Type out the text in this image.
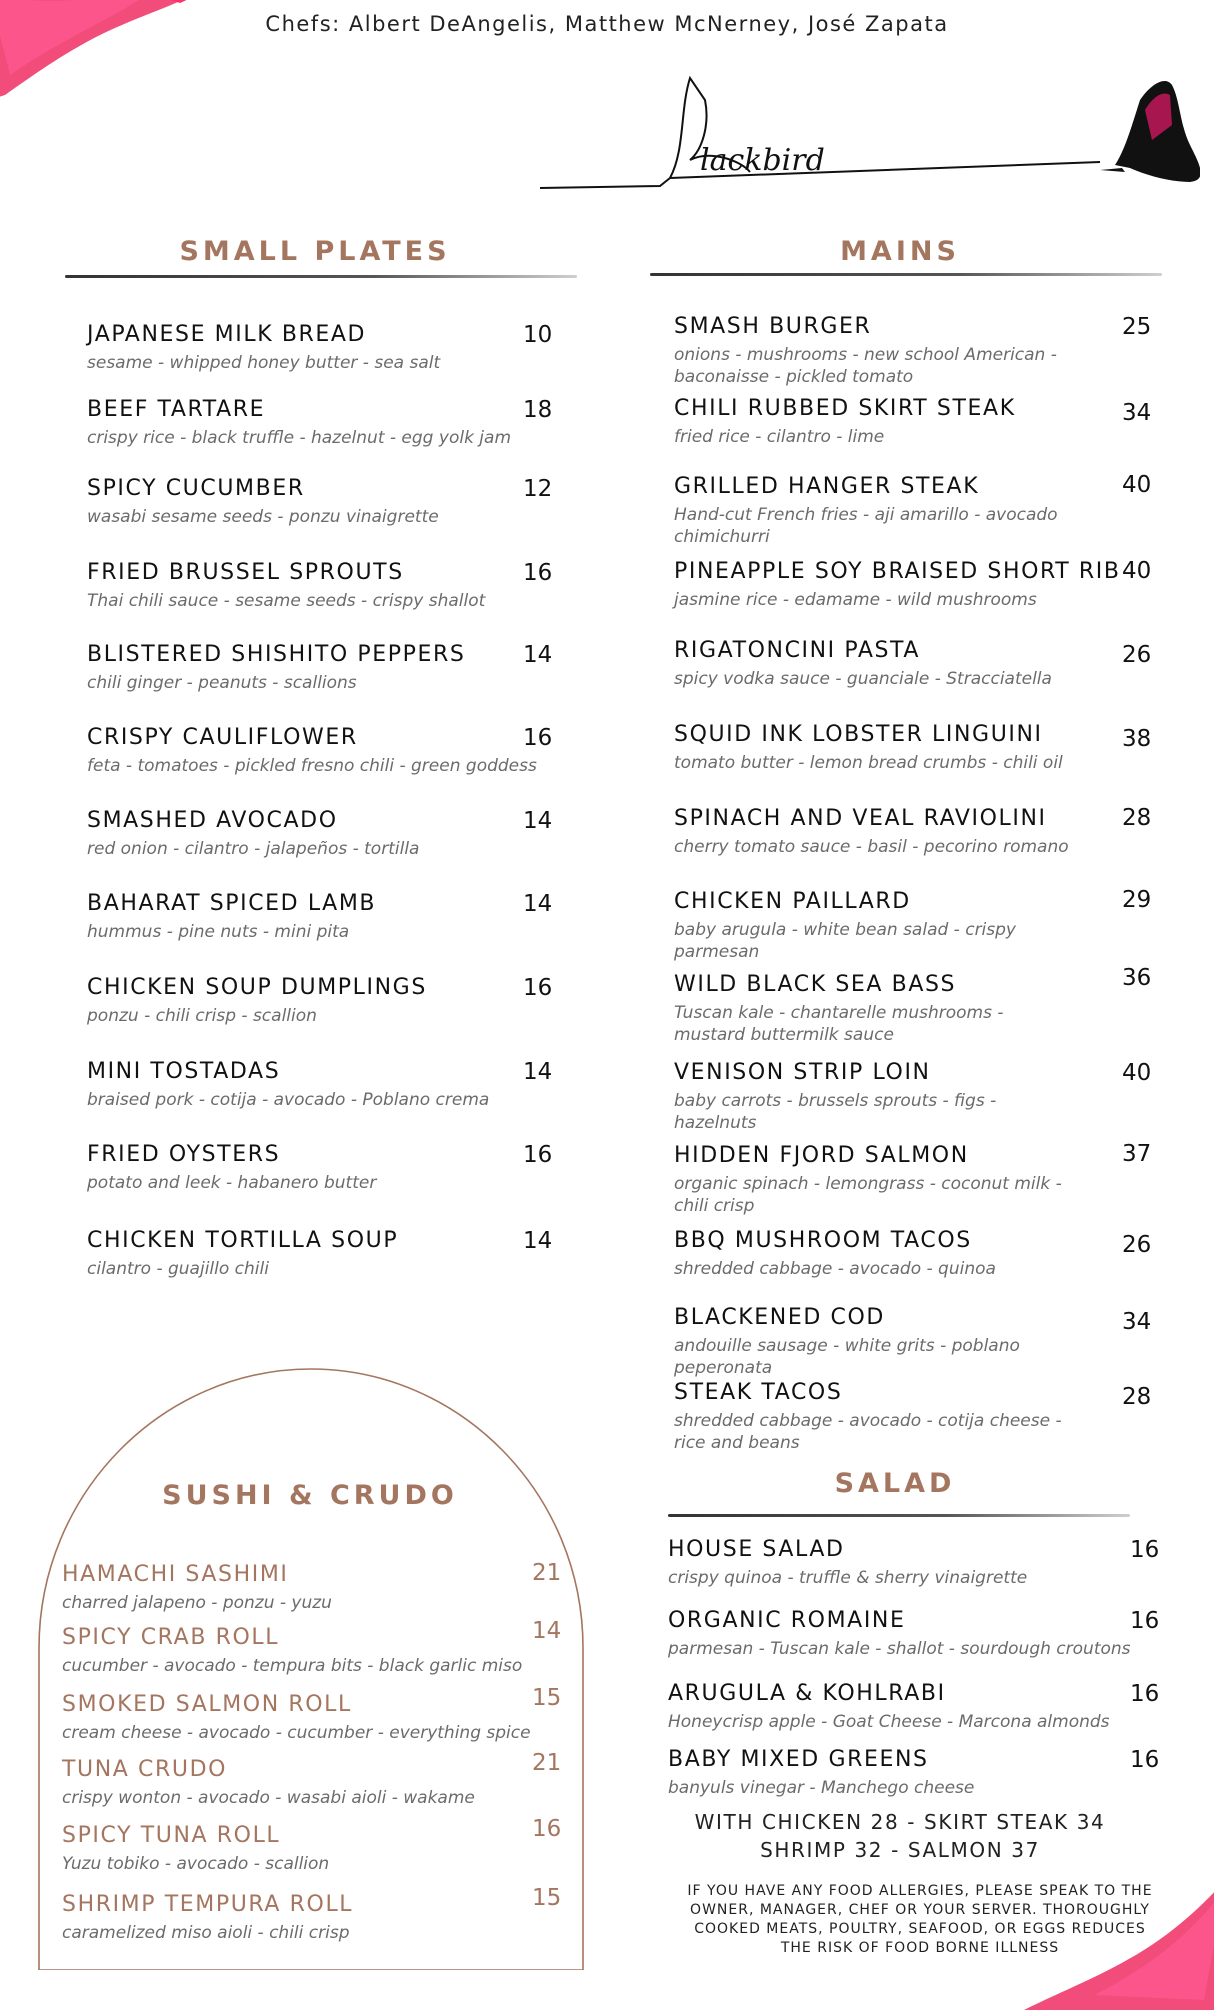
Chefs: Albert DeAngelis, Matthew McNerney, José Zapata
lackbird
SMALL PLATES
JAPANESE MILK BREAD
sesame - whipped honey butter - sea salt
10
BEEF TARTARE
crispy rice - black truffle - hazelnut - egg yolk jam
18
SPICY CUCUMBER
wasabi sesame seeds - ponzu vinaigrette
12
FRIED BRUSSEL SPROUTS
Thai chili sauce - sesame seeds - crispy shallot
16
BLISTERED SHISHITO PEPPERS
chili ginger - peanuts - scallions
14
CRISPY CAULIFLOWER
feta - tomatoes - pickled fresno chili - green goddess
16
SMASHED AVOCADO
red onion - cilantro - jalapeños - tortilla
14
BAHARAT SPICED LAMB
hummus - pine nuts - mini pita
14
CHICKEN SOUP DUMPLINGS
ponzu - chili crisp - scallion
16
MINI TOSTADAS
braised pork - cotija - avocado - Poblano crema
14
FRIED OYSTERS
potato and leek - habanero butter
16
CHICKEN TORTILLA SOUP
cilantro - guajillo chili
14
MAINS
SMASH BURGER
onions - mushrooms - new school American - baconaisse - pickled tomato
25
CHILI RUBBED SKIRT STEAK
fried rice - cilantro - lime
34
GRILLED HANGER STEAK
Hand-cut French fries - aji amarillo - avocado chimichurri
40
PINEAPPLE SOY BRAISED SHORT RIB
jasmine rice - edamame - wild mushrooms
40
RIGATONCINI PASTA
spicy vodka sauce - guanciale - Stracciatella
26
SQUID INK LOBSTER LINGUINI
tomato butter - lemon bread crumbs - chili oil
38
SPINACH AND VEAL RAVIOLINI
cherry tomato sauce - basil - pecorino romano
28
CHICKEN PAILLARD
baby arugula - white bean salad - crispy parmesan
29
WILD BLACK SEA BASS
Tuscan kale - chantarelle mushrooms - mustard buttermilk sauce
36
VENISON STRIP LOIN
baby carrots - brussels sprouts - figs - hazelnuts
40
HIDDEN FJORD SALMON
organic spinach - lemongrass - coconut milk - chili crisp
37
BBQ MUSHROOM TACOS
shredded cabbage - avocado - quinoa
26
BLACKENED COD
andouille sausage - white grits - poblano peperonata
34
STEAK TACOS
shredded cabbage - avocado - cotija cheese - rice and beans
28
SUSHI & CRUDO
HAMACHI SASHIMI
charred jalapeno - ponzu - yuzu
21
SPICY CRAB ROLL
cucumber - avocado - tempura bits - black garlic miso
14
SMOKED SALMON ROLL
cream cheese - avocado - cucumber - everything spice
15
TUNA CRUDO
crispy wonton - avocado - wasabi aioli - wakame
21
SPICY TUNA ROLL
Yuzu tobiko - avocado - scallion
16
SHRIMP TEMPURA ROLL
caramelized miso aioli - chili crisp
15
SALAD
HOUSE SALAD
crispy quinoa - truffle & sherry vinaigrette
16
ORGANIC ROMAINE
parmesan - Tuscan kale - shallot - sourdough croutons
16
ARUGULA & KOHLRABI
Honeycrisp apple - Goat Cheese - Marcona almonds
16
BABY MIXED GREENS
banyuls vinegar - Manchego cheese
16
WITH CHICKEN 28 - SKIRT STEAK 34
SHRIMP 32 - SALMON 37
IF YOU HAVE ANY FOOD ALLERGIES, PLEASE SPEAK TO THE OWNER, MANAGER, CHEF OR YOUR SERVER. THOROUGHLY COOKED MEATS, POULTRY, SEAFOOD, OR EGGS REDUCES THE RISK OF FOOD BORNE ILLNESS
